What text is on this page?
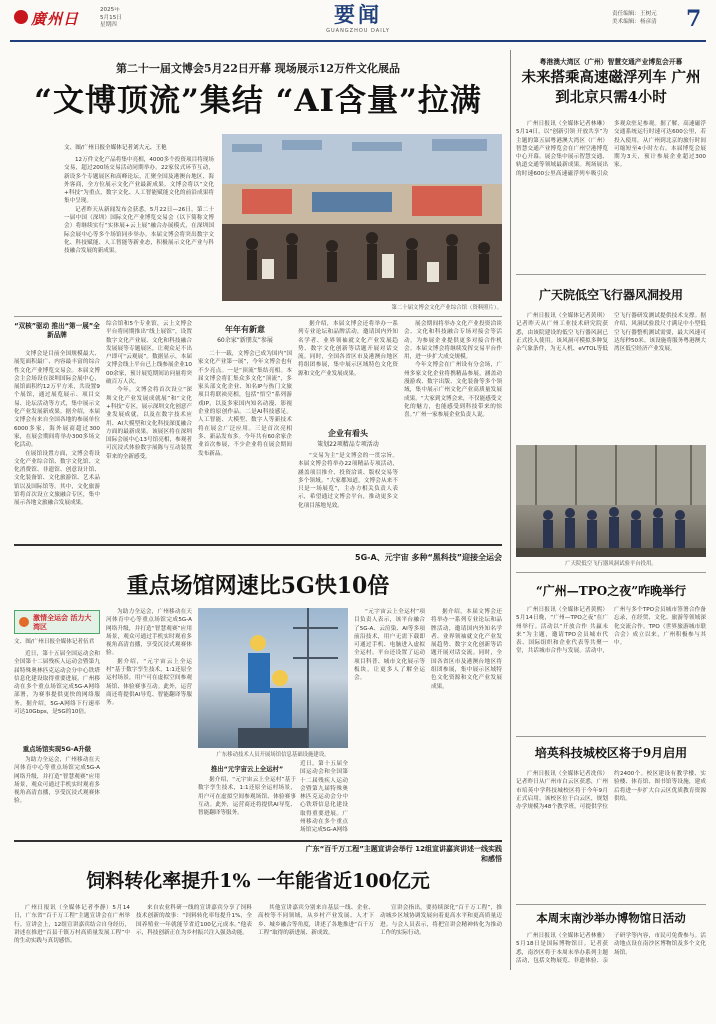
廣州日	2025年
5月15日
星期四	要闻
GUANGZHOU DAILY
责任编辑：王树元
美术编辑：杨彦清	7
第二十一届文博会5月22日开幕 现场展示12万件文化展品
“文博顶流”集结 “AI含量”拉满
文、图/广州日报全媒体记者刘大元、王艳

12万件文化产品将集中亮相，4000多个投资项目将现场交易，超过200场交易活动同期举办。22家仪式环节互动，新设多个专题展区和高峰论坛，汇聚全国及港澳台地区、海外客商，全方位展示文化产业最新成果。文博会将以“文化+科技”为重点，数字文化、人工智能赋能文化的前沿成果将集中呈现。

记者昨天从新闻发布会获悉，5月22日—26日，第二十一届中国（深圳）国际文化产业博览交易会（以下简称文博会）将继续实行“实体展+云上展”融合办展模式，在深圳国际会展中心等多个场馆同步举办。本届文博会将突出数字文化、科技赋能、人工智能等新业态，积极展示文化产业与科技融合发展的新成果。

第二十届文博会文化产业综合馆（资料照片）。
“双核”驱动 推出“第一展”全新品牌

文博会是目前全国规模最大、展览面积最广、内容最丰富的综合性文化产业博览交易会。本届文博会主会场设在深圳国际会展中心，展馆面积约12万平方米，共设置9个展馆，通过展览展示、项目交易、论坛活动等方式，集中展示文化产业发展新成果。据介绍，本届文博会有来自全国各地的参展单位6000多家，海外展商超过300家，在展会期间将举办300多场文化活动。

在展馆设置方面，文博会将设文化产业综合馆、数字文化馆、文化消费馆、非遗馆、创意设计馆、文化装备馆、文化旅游馆、艺术品馆以及国际馆等。其中，文化旅游馆将首次设立文旅融合专区，集中展示各地文旅融合发展成果。

综合馆和5个专业馆，云上文博会平台将同期推出“线上展馆”，设置数字文化产业展、文化和科技融合发展展等专题展区，让观众足不出户即可“云观展”。数据显示，本届文博会线上平台已上线参展企业1000余家，预计展览期间访问量将突破百万人次。

今年，文博会将首次设立“深圳文化产业发展成就展”和“文化+科技”专区，展示深圳文化创意产业发展成就，以及在数字技术应用、AI大模型和文化科技深度融合方面的最新成果。该展区将在深圳国际会展中心13号馆亮相，参观者可沉浸式体验数字展陈与互动装置带来的全新感受。

年年有新意
60余家“新朋友”参展

二十一载，文博会已成为国内“国家文化产业第一展”，今年文博会也有不少亮点。一是“顶流”集结亮相。本届文博会将汇集众多文化“顶流”，多家头部文化企业、知名IP与热门文旅项目将联袂亮相，包括“悟空”系列游戏IP，以及多家国内知名动漫、影视企业的原创作品。二是AI科技感足。人工智能、大模型、数字人等新技术将在展会广泛应用。三是首次亮相多、新品发布多。今年共有60余家企业首次参展，不少企业将在展会期间发布新品。

据介绍，本届文博会还将举办一系列专业论坛和品牌活动，邀请国内外知名学者、业界领袖就文化产业发展趋势、数字文化创新等话题开展对话交流。同时，全国各省区市及港澳台地区将组团参展，集中展示区域特色文化资源和文化产业发展成果。

企业有看头
策划22项精品专项活动

“交易为主”是文博会的一贯宗旨。本届文博会将举办22项精品专项活动，涵盖项目推介、投资洽谈、版权交易等多个领域。“大家都知道，文博会从来不只是一场展览”，主办方相关负责人表示，希望通过文博会平台，推动更多文化项目落地见效。

展会期间将举办文化产业投资洽谈会、文化和科技融合专场对接会等活动，为参展企业提供更多对接合作机会。本届文博会将继续发挥交易平台作用，进一步扩大成交规模。

今年文博会在广州设有分会场，广州多家文化企业将携精品参展，涵盖动漫游戏、数字出版、文化装备等多个领域，集中展示广州文化产业高质量发展成果。“大家到文博会来，不仅能感受文化的魅力，也能感受到科技带来的惊喜。”广州一家参展企业负责人说。

粤港澳大湾区（广州）智慧交通产业博览会开幕
未来搭乘高速磁浮列车 广州到北京只需4小时

广州日报讯（全媒体记者林琳）5月14日，以“创新引领 开放共享”为主题的第五届粤港澳大湾区（广州）智慧交通产业博览会在广州空港博览中心开幕。展会集中展示智慧交通、轨道交通等领域最新成果。现场展出的时速600公里高速磁浮列车吸引众多观众驻足参观。据了解，高速磁浮交通系统运行时速可达600公里，若投入使用，从广州到北京的旅行时间可缩短至4小时左右。本届博览会展期为3天，预计参展企业超过300家。

广天院低空飞行器风洞投用

广州日报讯（全媒体记者黄琪）记者昨天从广州工业技术研究院获悉，由该院建设的低空飞行器风洞已正式投入使用。该风洞可模拟多种复杂气象条件，为无人机、eVTOL等低空飞行器研发测试提供技术支撑。据介绍，风洞试验段尺寸满足中小型低空飞行器整机测试需要，最大风速可达每秒50米。该设施将服务粤港澳大湾区低空经济产业发展。

广天院低空飞行器风洞试验平台投用。
“广州—TPO之夜”咋晚举行

广州日报讯（全媒体记者黄熙）5月14日晚，“广州—TPO之夜”在广州举行。活动以“开放合作 共赢未来”为主题，邀请TPO会员城市代表、国际组织和企业代表等共聚一堂，共话城市合作与发展。活动中，广州与多个TPO会员城市签署合作备忘录，在经贸、文化、旅游等领域深化交流合作。TPO（世界旅游城市联合会）成立以来，广州积极参与其中。

培英科技城校区将于9月启用

广州日报讯（全媒体记者冼伟）记者昨日从广州市白云区获悉，广州市培英中学科技城校区将于今年9月正式启用。该校区位于白云区，规划办学规模为48个教学班，可提供学位约2400个。校区建设有教学楼、实验楼、体育馆、图书馆等设施，建成后将进一步扩大白云区优质教育资源供给。

本周末南沙举办博物馆日活动

广州日报讯（全媒体记者林雅）5月18日是国际博物馆日。记者获悉，南沙区将于本周末举办系列主题活动，包括文物展览、非遗体验、亲子研学等内容，市民可免费参与。活动地点设在南沙区博物馆及多个文化场馆。

5G-A、元宇宙 多种“黑科技”迎接全运会
重点场馆网速比5G快10倍
激情全运会 活力大湾区
文、图/广州日报全媒体记者伍君

近日，第十五届全国运动会和全国第十二届残疾人运动会暨第九届特殊奥林匹克运动会分中心铁塔信息化建设取得重要进展。广州移动在多个重点场馆完成5G-A网络部署，为赛事提供更快的网络服务。据介绍，5G-A网络下行速率可达10Gbps，是5G的10倍。

重点场馆实现5G-A升级

为助力全运会，广州移动在天河体育中心等重点场馆完成5G-A网络升级，并打造“智慧观赛”应用场景，观众可通过手机实时观看多视角高清直播，享受沉浸式观赛体验。

为助力全运会，广州移动在天河体育中心等重点场馆完成5G-A网络升级，并打造“智慧观赛”应用场景，观众可通过手机实时观看多视角高清直播，享受沉浸式观赛体验。

据介绍，“元宇宙云上全运村”基于数字孪生技术，1:1还原全运村场景，用户可在虚拟空间参观场馆、体验赛事互动。此外，运营商还将提供AI导览、智能翻译等服务。

广东移动技术人员开展场馆信息基础设施建设。
推出“元宇宙云上全运村”

据介绍，“元宇宙云上全运村”基于数字孪生技术，1:1还原全运村场景，用户可在虚拟空间参观场馆、体验赛事互动。此外，运营商还将提供AI导览、智能翻译等服务。

近日，第十五届全国运动会和全国第十二届残疾人运动会暨第九届特殊奥林匹克运动会分中心铁塔信息化建设取得重要进展。广州移动在多个重点场馆完成5G-A网络

“元宇宙云上全运村”项目负责人表示，该平台融合了5G-A、云渲染、AI等多项前沿技术，用户无需下载即可通过手机、电脑进入虚拟全运村。平台还设置了运动项目科普、城市文化展示等板块，让更多人了解全运会。

据介绍，本届文博会还将举办一系列专业论坛和品牌活动，邀请国内外知名学者、业界领袖就文化产业发展趋势、数字文化创新等话题开展对话交流。同时，全国各省区市及港澳台地区将组团参展，集中展示区域特色文化资源和文化产业发展成果。

广东“百千万工程”主题宣讲会举行 12组宣讲嘉宾讲述一线实践和感悟
饲料转化率提升1% 一年能省近100亿元

广州日报讯（全媒体记者李静）5月14日，广东省“百千万工程”主题宣讲会在广州举行。宣讲会上，12组宣讲嘉宾结合自身经历，讲述在推进“百县千镇万村高质量发展工程”中的生动实践与真切感悟。

来自农业科研一线的宣讲嘉宾分享了饲料技术创新的故事：“饲料转化率每提升1%，全国养殖业一年就能节省近100亿元成本。”他表示，科技创新正在为乡村振兴注入强劲动能。

其他宣讲嘉宾分别来自基层一线、企业、高校等不同领域，从乡村产业发展、人才下乡、城乡融合等角度，讲述了各地推进“百千万工程”取得的新进展、新成效。

宣讲会指出，要持续深化“百千万工程”，推动城乡区域协调发展向着更高水平和更高质量迈进。与会人员表示，将把宣讲会精神转化为推动工作的实际行动。
